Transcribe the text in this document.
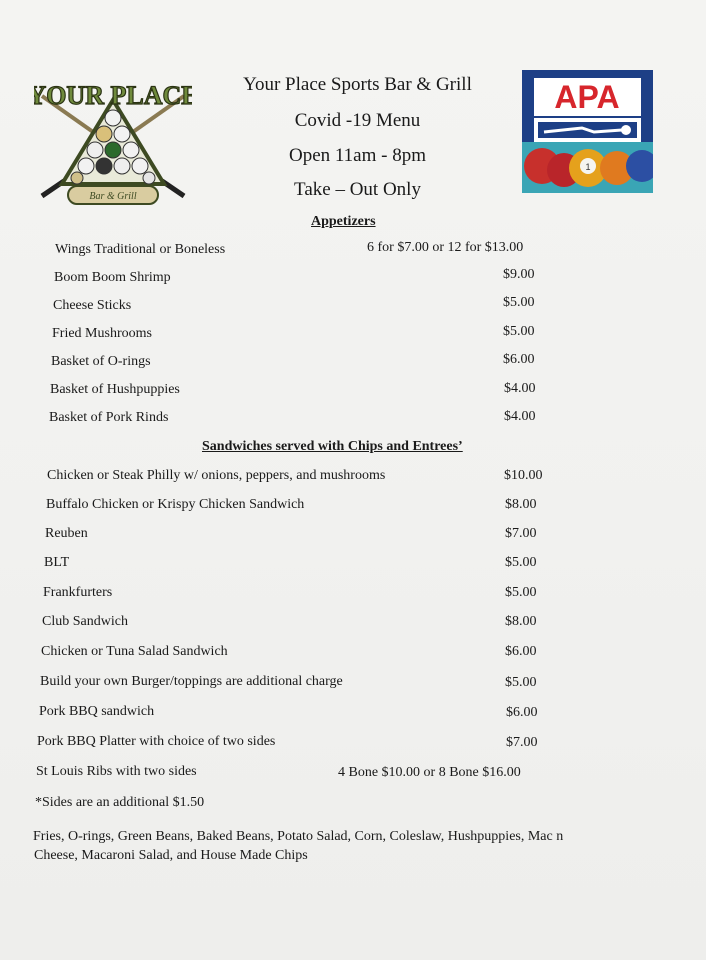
Bar & Grill
YOUR PLACE	Your Place Sports Bar & Grill
Covid -19 Menu
Open 11am - 8pm
Take – Out Only
APA
1
Appetizers
Wings Traditional or Boneless	6 for $7.00 or 12 for $13.00
Boom Boom Shrimp	$9.00
Cheese Sticks	$5.00
Fried Mushrooms	$5.00
Basket of O-rings	$6.00
Basket of Hushpuppies	$4.00
Basket of Pork Rinds	$4.00
Sandwiches served with Chips and Entrees’
Chicken or Steak Philly w/ onions, peppers, and mushrooms	$10.00
Buffalo Chicken or Krispy Chicken Sandwich	$8.00
Reuben	$7.00
BLT	$5.00
Frankfurters	$5.00
Club Sandwich	$8.00
Chicken or Tuna Salad Sandwich	$6.00
Build your own Burger/toppings are additional charge	$5.00
Pork BBQ sandwich	$6.00
Pork BBQ Platter with choice of two sides	$7.00
St Louis Ribs with two sides	4 Bone $10.00 or 8 Bone $16.00
*Sides are an additional $1.50
Fries, O-rings, Green Beans, Baked Beans, Potato Salad, Corn, Coleslaw, Hushpuppies, Mac n
Cheese, Macaroni Salad, and House Made Chips
